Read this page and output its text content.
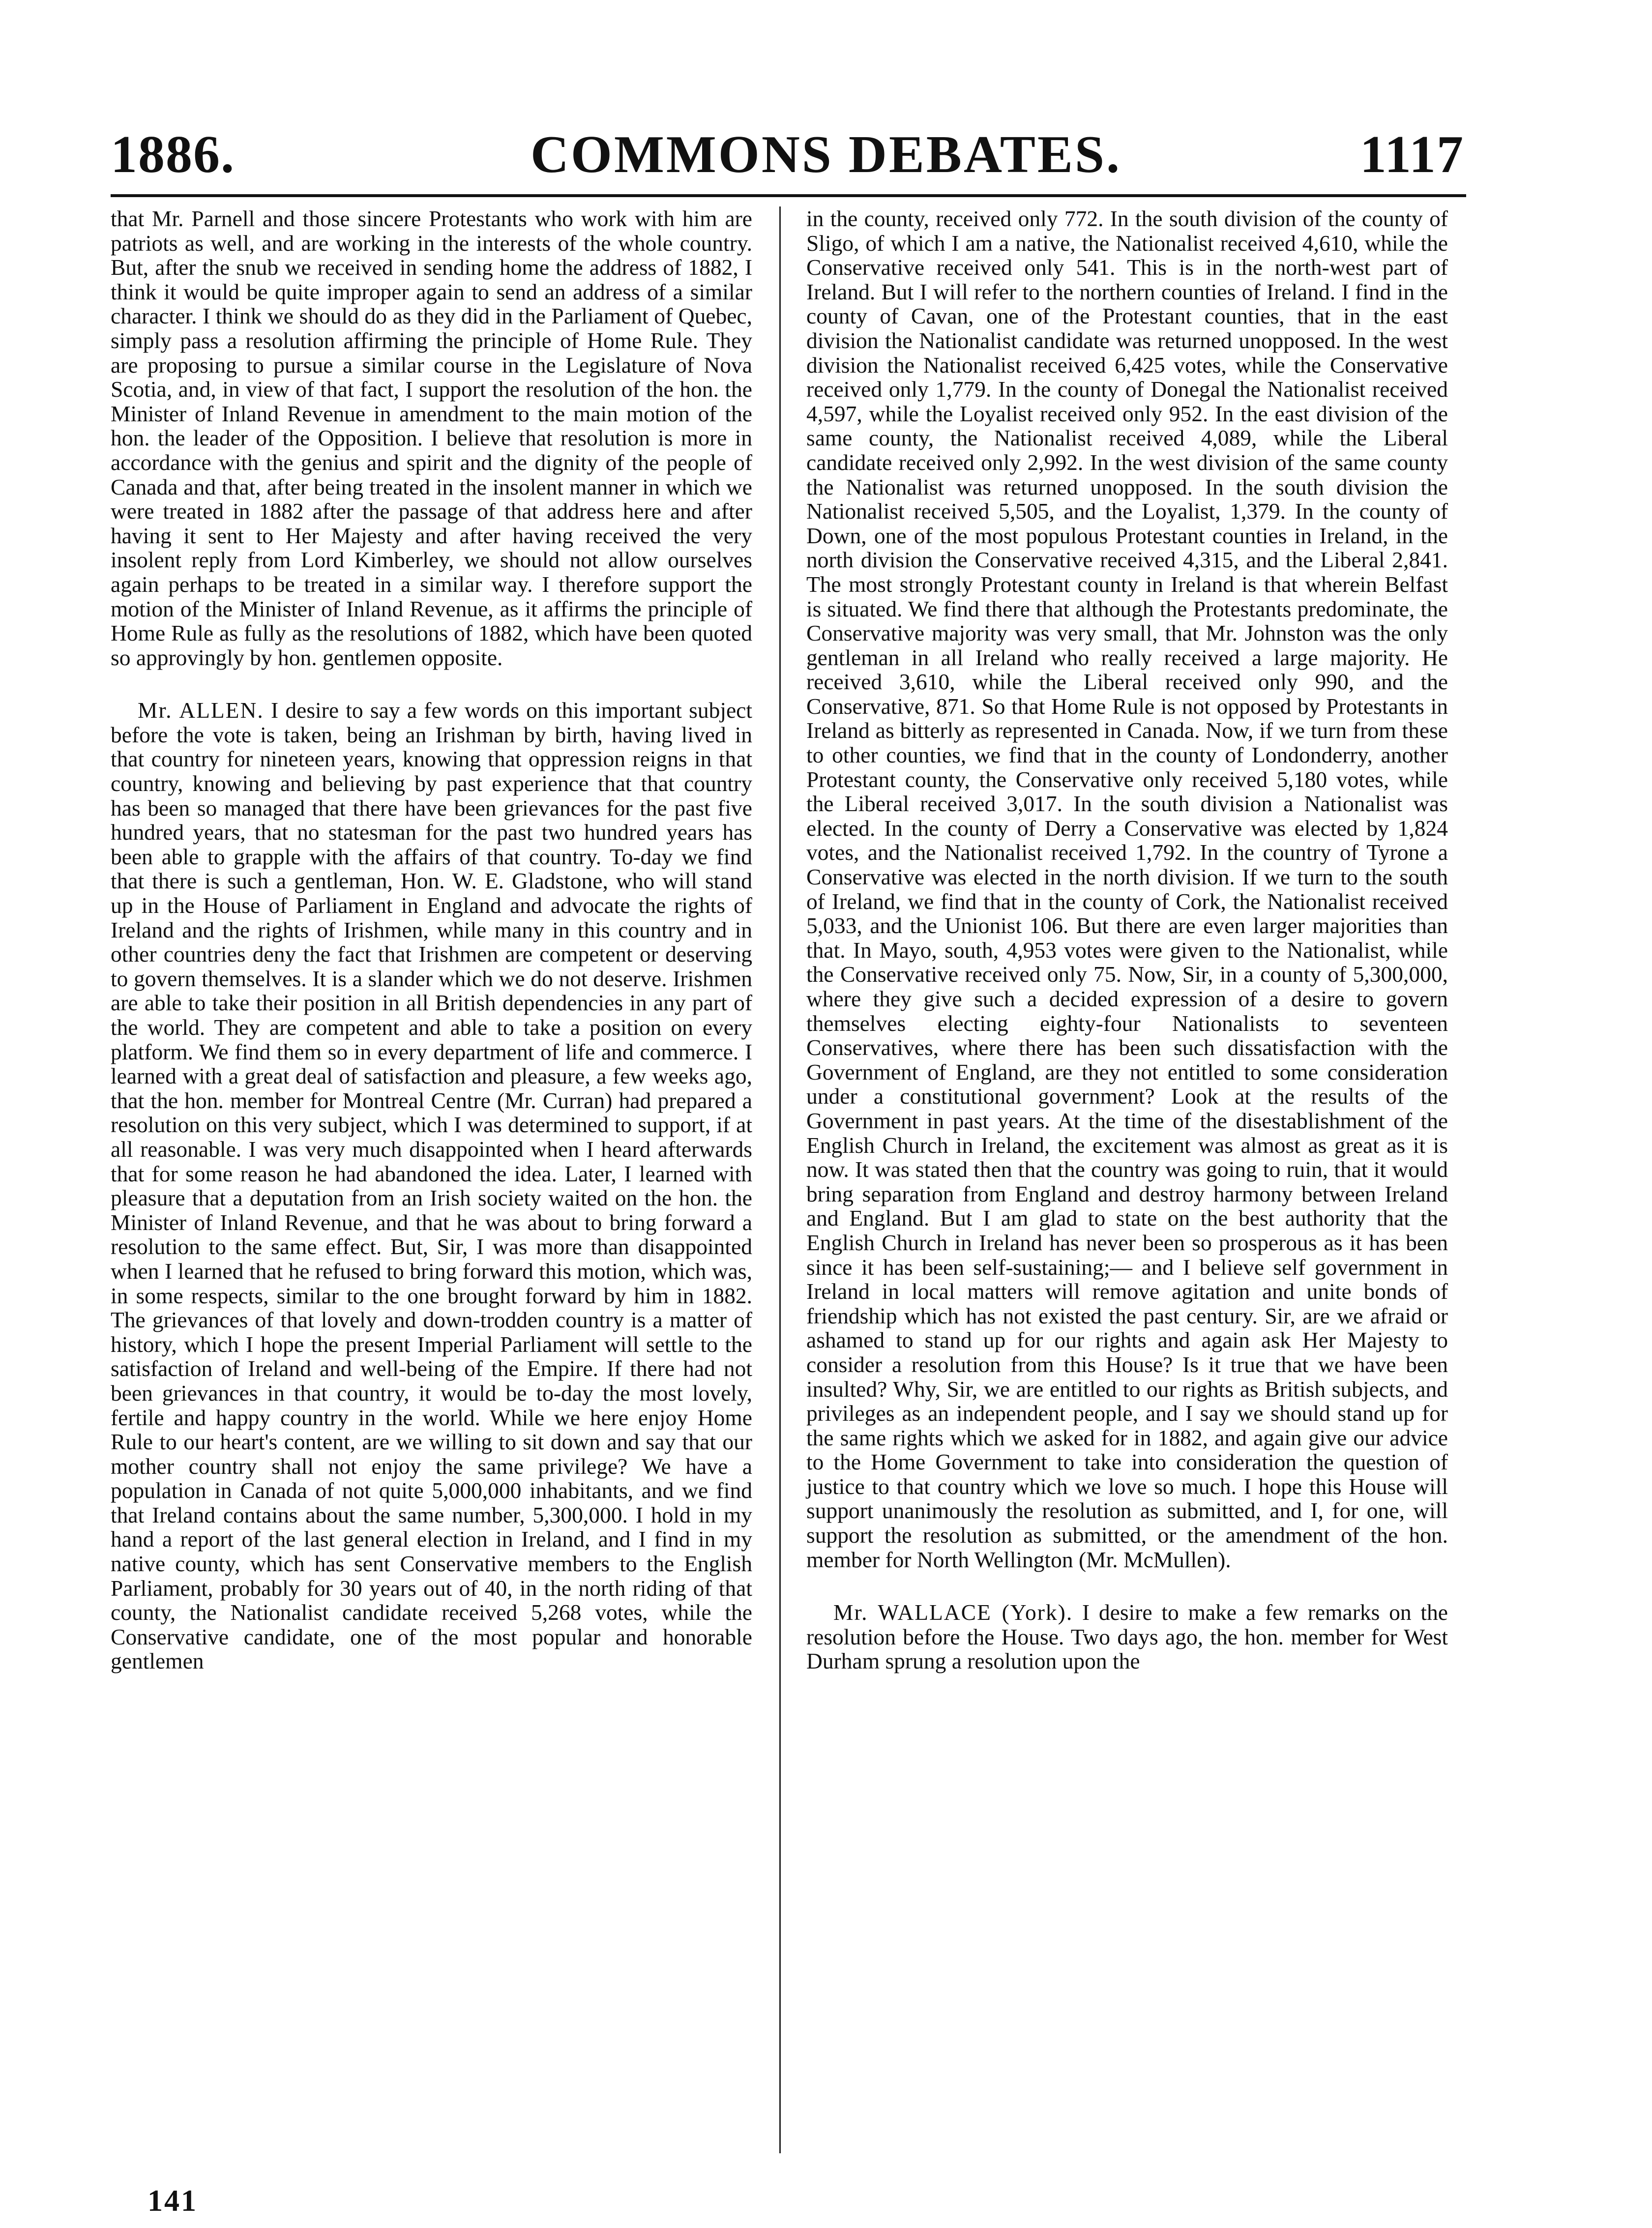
1886.	COMMONS DEBATES.	1117

that Mr. Parnell and those sincere Protestants who work with him are patriots as well, and are working in the interests of the whole country. But, after the snub we received in sending home the address of 1882, I think it would be quite improper again to send an address of a similar character. I think we should do as they did in the Parliament of Quebec, simply pass a resolution affirming the principle of Home Rule. They are proposing to pursue a similar course in the Legislature of Nova Scotia, and, in view of that fact, I support the resolution of the hon. the Minister of Inland Revenue in amendment to the main motion of the hon. the leader of the Opposition. I believe that resolution is more in accordance with the genius and spirit and the dignity of the people of Canada and that, after being treated in the insolent manner in which we were treated in 1882 after the passage of that address here and after having it sent to Her Majesty and after having received the very insolent reply from Lord Kimberley, we should not allow ourselves again perhaps to be treated in a similar way. I therefore support the motion of the Minister of Inland Revenue, as it affirms the principle of Home Rule as fully as the resolutions of 1882, which have been quoted so approvingly by hon. gentlemen opposite.

Mr. ALLEN. I desire to say a few words on this important subject before the vote is taken, being an Irishman by birth, having lived in that country for nineteen years, knowing that oppression reigns in that country, knowing and believing by past experience that that country has been so managed that there have been grievances for the past five hundred years, that no statesman for the past two hundred years has been able to grapple with the affairs of that country. To-day we find that there is such a gentleman, Hon. W. E. Gladstone, who will stand up in the House of Parliament in England and advocate the rights of Ireland and the rights of Irishmen, while many in this country and in other countries deny the fact that Irishmen are competent or deserving to govern themselves. It is a slander which we do not deserve. Irishmen are able to take their position in all British dependencies in any part of the world. They are competent and able to take a position on every platform. We find them so in every department of life and commerce. I learned with a great deal of satisfaction and pleasure, a few weeks ago, that the hon. member for Montreal Centre (Mr. Curran) had prepared a resolution on this very subject, which I was determined to support, if at all reasonable. I was very much disappointed when I heard afterwards that for some reason he had abandoned the idea. Later, I learned with pleasure that a deputation from an Irish society waited on the hon. the Minister of Inland Revenue, and that he was about to bring forward a resolution to the same effect. But, Sir, I was more than disappointed when I learned that he refused to bring forward this motion, which was, in some respects, similar to the one brought forward by him in 1882. The grievances of that lovely and down-trodden country is a matter of history, which I hope the present Imperial Parliament will settle to the satisfaction of Ireland and well-being of the Empire. If there had not been grievances in that country, it would be to-day the most lovely, fertile and happy country in the world. While we here enjoy Home Rule to our heart's content, are we willing to sit down and say that our mother country shall not enjoy the same privilege? We have a population in Canada of not quite 5,000,000 inhabitants, and we find that Ireland contains about the same number, 5,300,000. I hold in my hand a report of the last general election in Ireland, and I find in my native county, which has sent Conservative members to the English Parliament, probably for 30 years out of 40, in the north riding of that county, the Nationalist candidate received 5,268 votes, while the Conservative candidate, one of the most popular and honorable gentlemen

in the county, received only 772. In the south division of the county of Sligo, of which I am a native, the Nationalist received 4,610, while the Conservative received only 541. This is in the north-west part of Ireland. But I will refer to the northern counties of Ireland. I find in the county of Cavan, one of the Protestant counties, that in the east division the Nationalist candidate was returned unopposed. In the west division the Nationalist received 6,425 votes, while the Conservative received only 1,779. In the county of Donegal the Nationalist received 4,597, while the Loyalist received only 952. In the east division of the same county, the Nationalist received 4,089, while the Liberal candidate received only 2,992. In the west division of the same county the Nationalist was returned unopposed. In the south division the Nationalist received 5,505, and the Loyalist, 1,379. In the county of Down, one of the most populous Protestant counties in Ireland, in the north division the Conservative received 4,315, and the Liberal 2,841. The most strongly Protestant county in Ireland is that wherein Belfast is situated. We find there that although the Protestants predominate, the Conservative majority was very small, that Mr. Johnston was the only gentleman in all Ireland who really received a large majority. He received 3,610, while the Liberal received only 990, and the Conservative, 871. So that Home Rule is not opposed by Protestants in Ireland as bitterly as represented in Canada. Now, if we turn from these to other counties, we find that in the county of Londonderry, another Protestant county, the Conservative only received 5,180 votes, while the Liberal received 3,017. In the south division a Nationalist was elected. In the county of Derry a Conservative was elected by 1,824 votes, and the Nationalist received 1,792. In the country of Tyrone a Conservative was elected in the north division. If we turn to the south of Ireland, we find that in the county of Cork, the Nationalist received 5,033, and the Unionist 106. But there are even larger majorities than that. In Mayo, south, 4,953 votes were given to the Nationalist, while the Conservative received only 75. Now, Sir, in a county of 5,300,000, where they give such a decided expression of a desire to govern themselves electing eighty-four Nationalists to seventeen Conservatives, where there has been such dissatisfaction with the Government of England, are they not entitled to some consideration under a constitutional government? Look at the results of the Government in past years. At the time of the disestablishment of the English Church in Ireland, the excitement was almost as great as it is now. It was stated then that the country was going to ruin, that it would bring separation from England and destroy harmony between Ireland and England. But I am glad to state on the best authority that the English Church in Ireland has never been so prosperous as it has been since it has been self-sustaining;— and I believe self government in Ireland in local matters will remove agitation and unite bonds of friendship which has not existed the past century. Sir, are we afraid or ashamed to stand up for our rights and again ask Her Majesty to consider a resolution from this House? Is it true that we have been insulted? Why, Sir, we are entitled to our rights as British subjects, and privileges as an independent people, and I say we should stand up for the same rights which we asked for in 1882, and again give our advice to the Home Government to take into consideration the question of justice to that country which we love so much. I hope this House will support unanimously the resolution as submitted, and I, for one, will support the resolution as submitted, or the amendment of the hon. member for North Wellington (Mr. McMullen).

Mr. WALLACE (York). I desire to make a few remarks on the resolution before the House. Two days ago, the hon. member for West Durham sprung a resolution upon the

141
